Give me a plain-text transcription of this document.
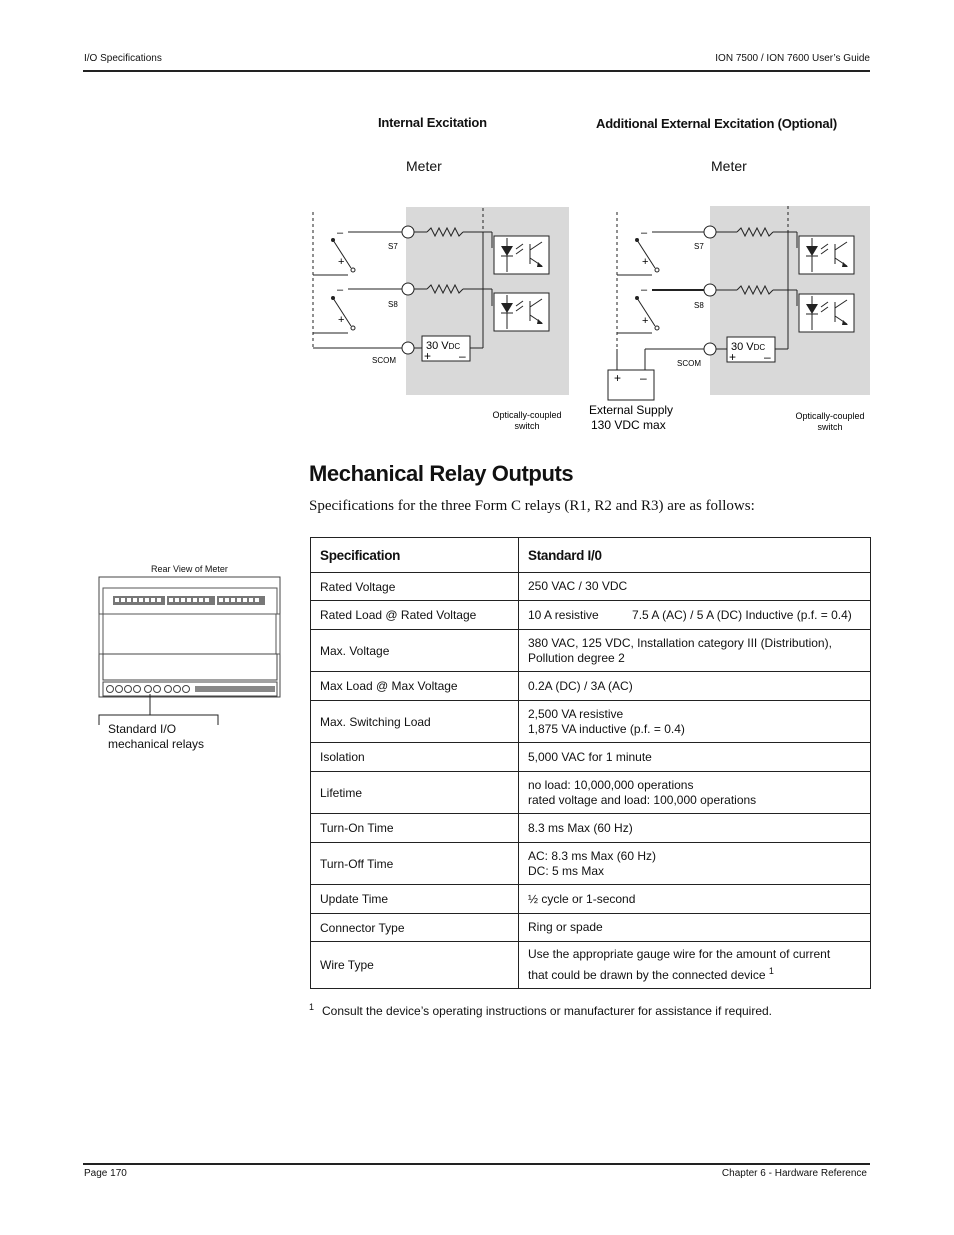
I/O Specifications	ION 7500 / ION 7600 User’s Guide
Internal Excitation	Additional External Excitation (Optional)
–
+
–
+
S7
S8
SCOM
30 VDC
+ –
Optically-coupled
switch
–
+
–
+
S7
S8
SCOM
30 VDC
+ –
+ –
External Supply
130 VDC max
Optically-coupled
switch
Meter	Meter
Mechanical Relay Outputs
Specifications for the three Form C relays (R1, R2 and R3) are as follows:
Rear View of Meter
Standard I/O
mechanical relays
Specification	Standard I/0
Rated Voltage	250 VAC / 30 VDC

Rated Load @ Rated Voltage	10 A resistive          7.5 A (AC) / 5 A (DC) Inductive (p.f. = 0.4)

Max. Voltage	380 VAC, 125 VDC, Installation category III (Distribution),
Pollution degree 2

Max Load @ Max Voltage	0.2A (DC) / 3A (AC)

Max. Switching Load	2,500 VA resistive
1,875 VA inductive (p.f. = 0.4)

Isolation	5,000 VAC for 1 minute

Lifetime	no load: 10,000,000 operations
rated voltage and load: 100,000 operations

Turn-On Time	8.3 ms Max (60 Hz)

Turn-Off Time	AC: 8.3 ms Max (60 Hz)
DC: 5 ms Max

Update Time	½ cycle or 1-second

Connector Type	Ring or spade

Wire Type	Use the appropriate gauge wire for the amount of current
that could be drawn by the connected device $^1$
1 Consult the device’s operating instructions or manufacturer for assistance if required.
Page 170	Chapter 6 - Hardware Reference
